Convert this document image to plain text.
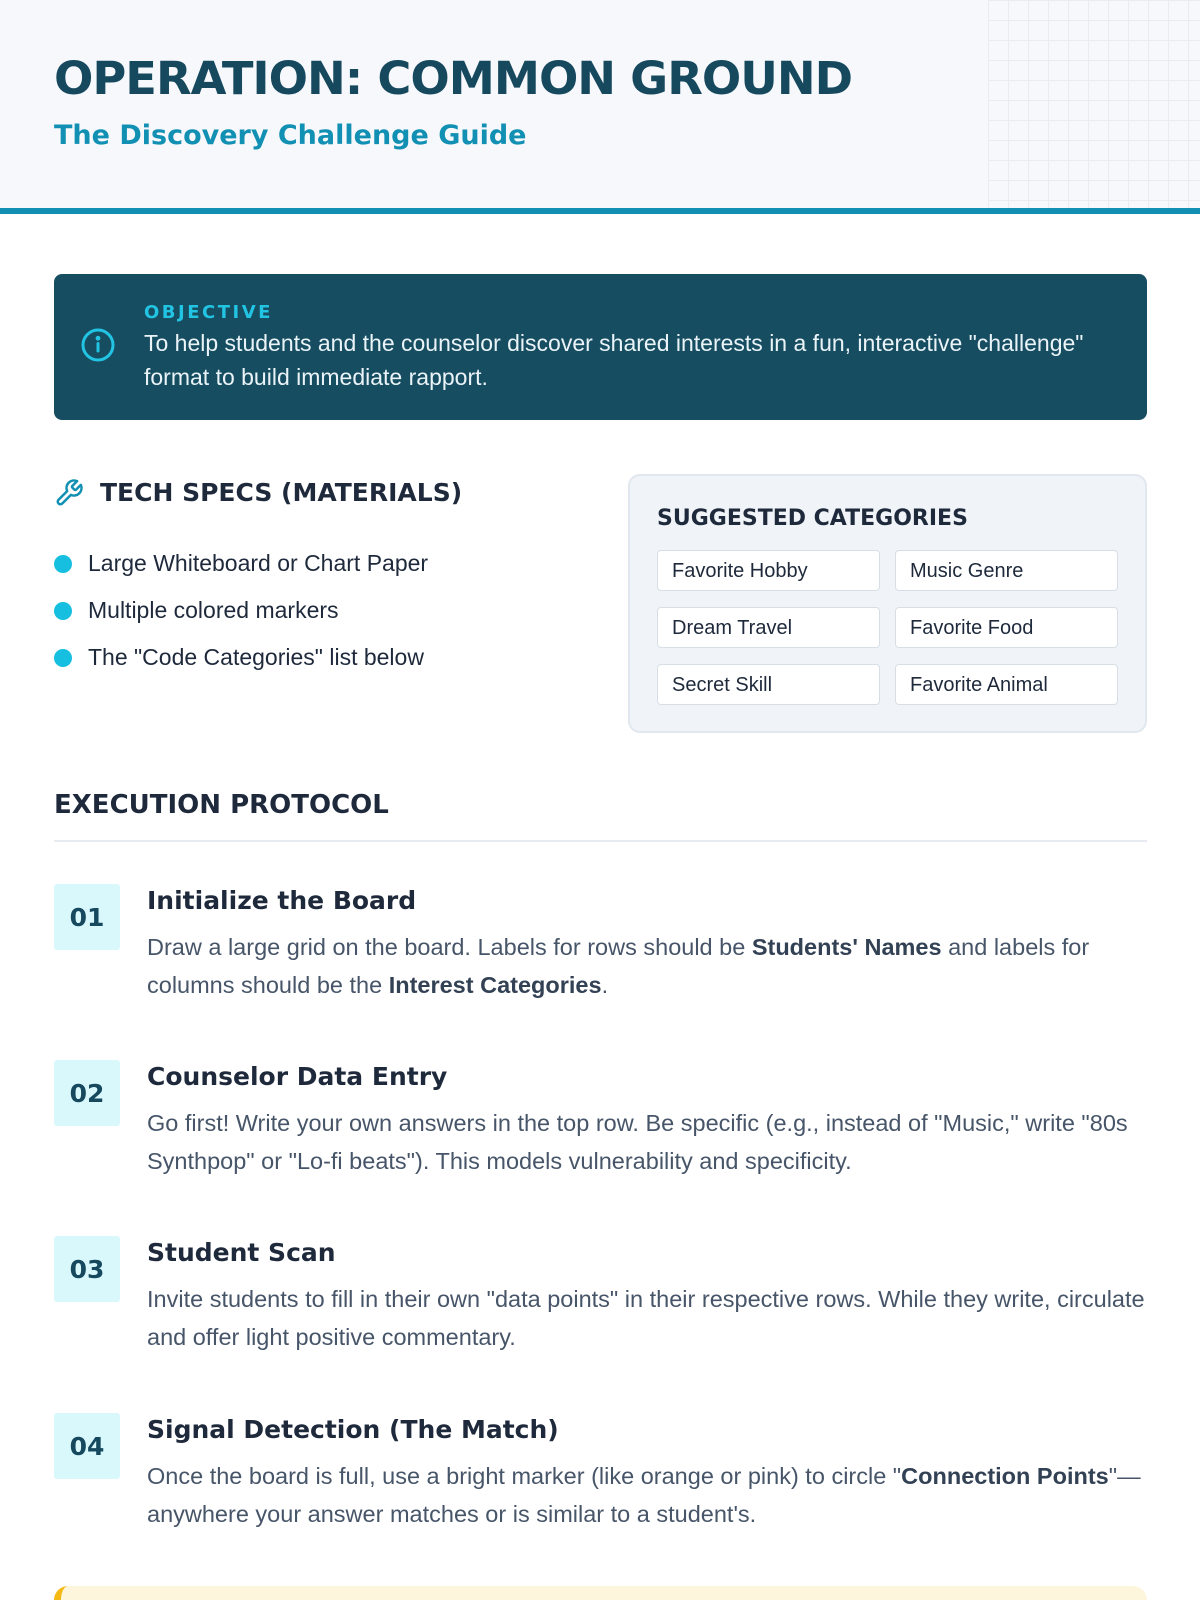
OPERATION: COMMON GROUND
The Discovery Challenge Guide
OBJECTIVE
To help students and the counselor discover shared interests in a fun, interactive "challenge" format to build immediate rapport.
TECH SPECS (MATERIALS)
Large Whiteboard or Chart Paper
Multiple colored markers
The "Code Categories" list below
SUGGESTED CATEGORIES
Favorite Hobby	Music Genre
Dream Travel	Favorite Food
Secret Skill	Favorite Animal
EXECUTION PROTOCOL
01
Initialize the Board
Draw a large grid on the board. Labels for rows should be Students' Names and labels for columns should be the Interest Categories.
02
Counselor Data Entry
Go first! Write your own answers in the top row. Be specific (e.g., instead of "Music," write "80s Synthpop" or "Lo-fi beats"). This models vulnerability and specificity.
03
Student Scan
Invite students to fill in their own "data points" in their respective rows. While they write, circulate and offer light positive commentary.
04
Signal Detection (The Match)
Once the board is full, use a bright marker (like orange or pink) to circle "Connection Points"—anywhere your answer matches or is similar to a student's.
